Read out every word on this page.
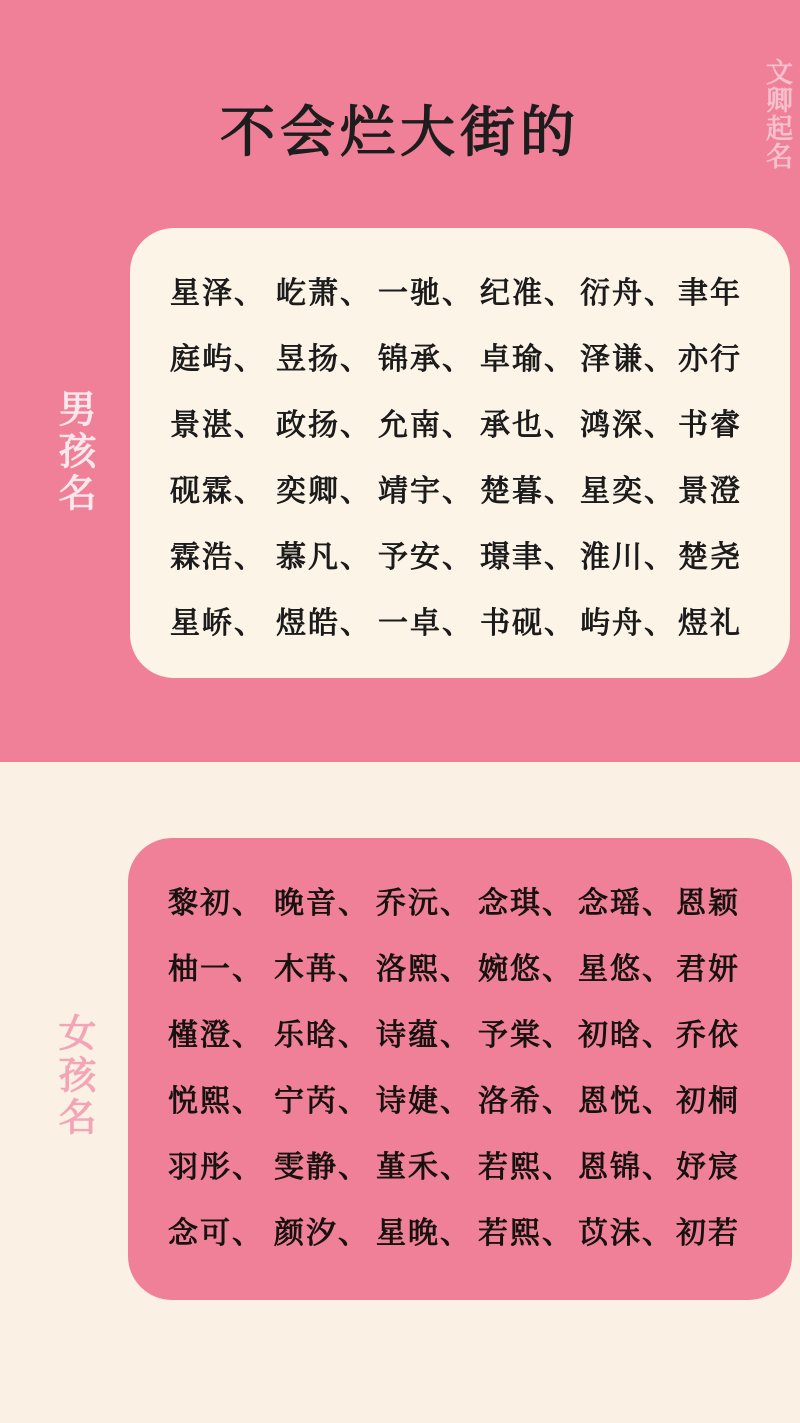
文卿起名
不会烂大街的
男孩名
星泽、 屹萧、 一驰、 纪准、 衍舟、 聿年
庭屿、 昱扬、 锦承、 卓瑜、 泽谦、 亦行
景湛、 政扬、 允南、 承也、 鸿深、 书睿
砚霖、 奕卿、 靖宇、 楚暮、 星奕、 景澄
霖浩、 慕凡、 予安、 璟聿、 淮川、 楚尧
星峤、 煜皓、 一卓、 书砚、 屿舟、 煜礼
女孩名
黎初、 晚音、 乔沅、 念琪、 念瑶、 恩颖
柚一、 木苒、 洛熙、 婉悠、 星悠、 君妍
槿澄、 乐晗、 诗蕴、 予棠、 初晗、 乔依
悦熙、 宁芮、 诗婕、 洛希、 恩悦、 初桐
羽彤、 雯静、 堇禾、 若熙、 恩锦、 妤宸
念可、 颜汐、 星晚、 若熙、 苡沫、 初若
